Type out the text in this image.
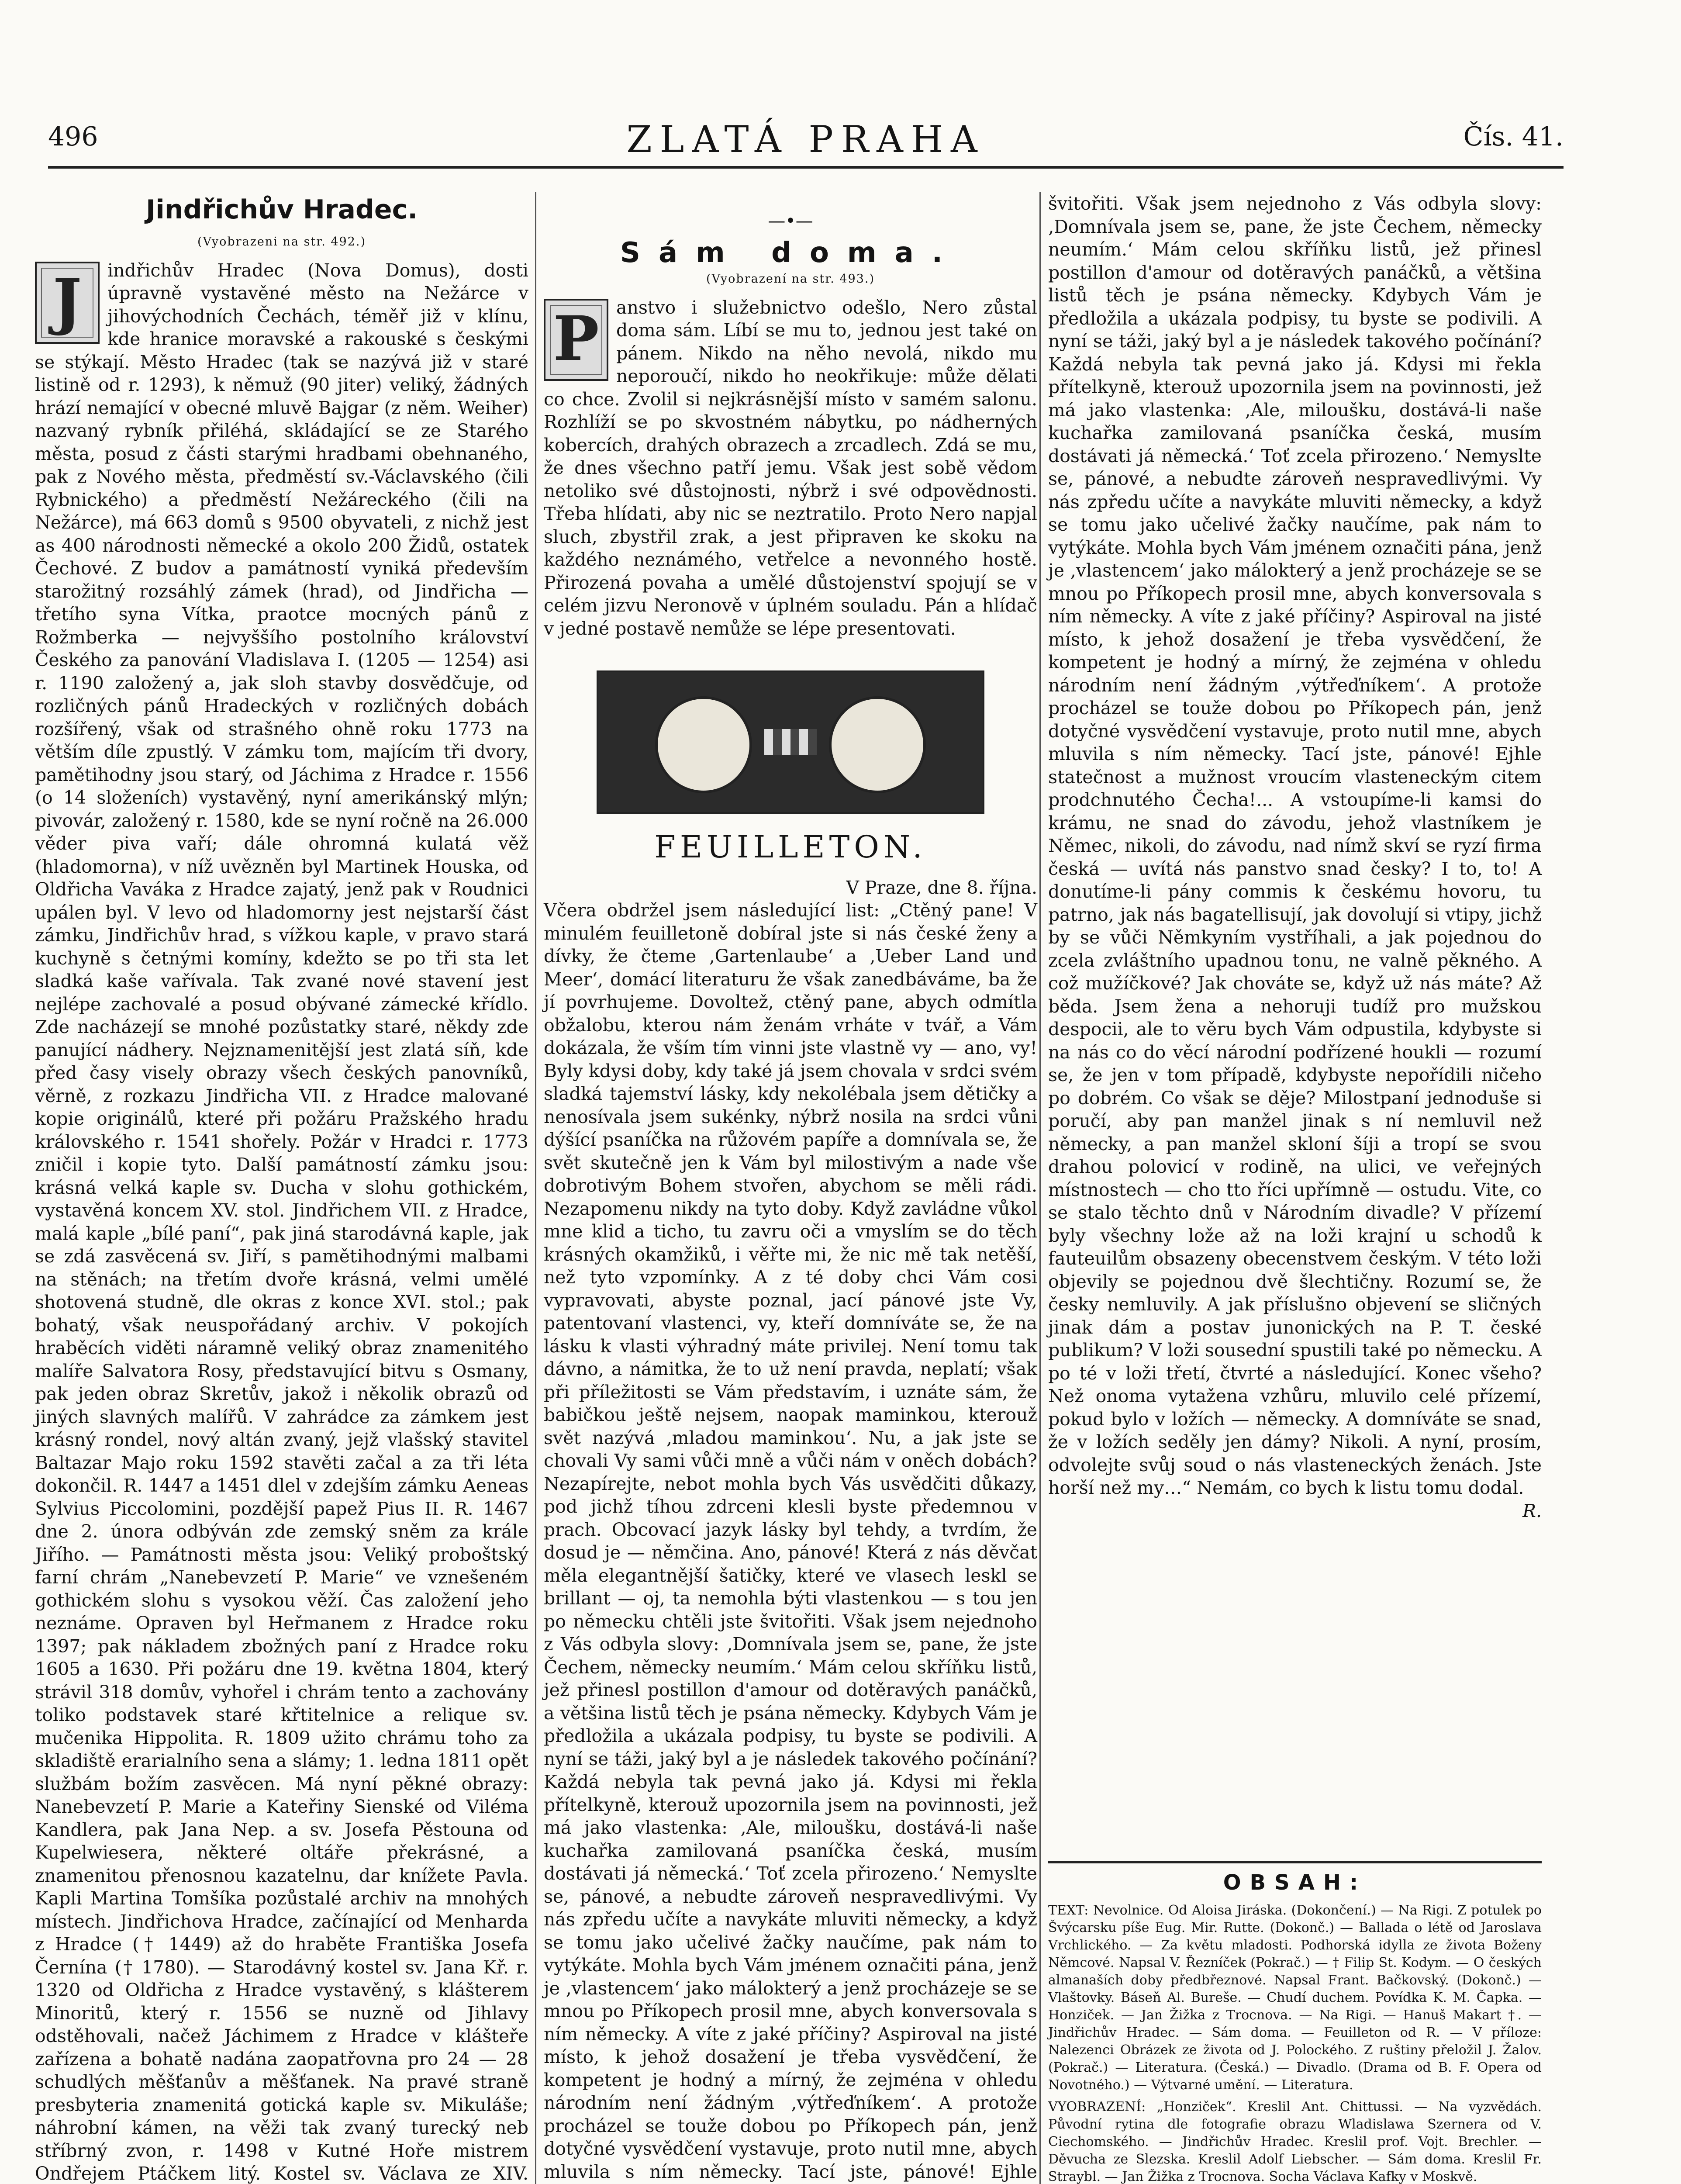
496	ZLATÁ PRAHA	Čís. 41.
Jindřichův Hradec.
(Vyobrazeni na str. 492.)
J	indřichův Hradec (Nova Domus), dosti úpravně vystavěné město na Nežárce v jihovýchodních Čechách, téměř již v klínu, kde hranice moravské a rakouské s českými se stýkají. Město Hradec (tak se nazývá již v staré listině od r. 1293), k němuž (90 jiter) veliký, žádných hrází nemající v obecné mluvě Bajgar (z něm. Weiher) nazvaný rybník přiléhá, skládající se ze Starého města, posud z části starými hradbami obehnaného, pak z Nového města, předměstí sv.-Václavského (čili Rybnického) a předměstí Nežáreckého (čili na Nežárce), má 663 domů s 9500 obyvateli, z nichž jest as 400 národnosti německé a okolo 200 Židů, ostatek Čechové. Z budov a památností vyniká především starožitný rozsáhlý zámek (hrad), od Jindřicha — třetího syna Vítka, praotce mocných pánů z Rožmberka — nejvyššího postolního království Českého za panování Vladislava I. (1205 — 1254) asi r. 1190 založený a, jak sloh stavby dosvědčuje, od rozličných pánů Hradeckých v rozličných dobách rozšířený, však od strašného ohně roku 1773 na větším díle zpustlý. V zámku tom, majícím tři dvory, pamětihodny jsou starý, od Jáchima z Hradce r. 1556 (o 14 složeních) vystavěný, nyní amerikánský mlýn; pivovár, založený r. 1580, kde se nyní ročně na 26.000 věder piva vaří; dále ohromná kulatá věž (hladomorna), v níž uvězněn byl Martinek Houska, od Oldřicha Vaváka z Hradce zajatý, jenž pak v Roudnici upálen byl. V levo od hladomorny jest nejstarší část zámku, Jindřichův hrad, s vížkou kaple, v pravo stará kuchyně s četnými komíny, kdežto se po tři sta let sladká kaše vařívala. Tak zvané nové stavení jest nejlépe zachovalé a posud obývané zámecké křídlo. Zde nacházejí se mnohé pozůstatky staré, někdy zde panující nádhery. Nejznamenitější jest zlatá síň, kde před časy visely obrazy všech českých panovníků, věrně, z rozkazu Jindřicha VII. z Hradce malované kopie originálů, které při požáru Pražského hradu královského r. 1541 shořely. Požár v Hradci r. 1773 zničil i kopie tyto. Další památností zámku jsou: krásná velká kaple sv. Ducha v slohu gothickém, vystavěná koncem XV. stol. Jindřichem VII. z Hradce, malá kaple „bílé paní“, pak jiná starodávná kaple, jak se zdá zasvěcená sv. Jiří, s pamětihodnými malbami na stěnách; na třetím dvoře krásná, velmi umělé shotovená studně, dle okras z konce XVI. stol.; pak bohatý, však neuspořádaný archiv. V pokojích hraběcích viděti náramně veliký obraz znamenitého malíře Salvatora Rosy, představující bitvu s Osmany, pak jeden obraz Skretův, jakož i několik obrazů od jiných slavných malířů. V zahrádce za zámkem jest krásný rondel, nový altán zvaný, jejž vlašský stavitel Baltazar Majo roku 1592 stavěti začal a za tři léta dokončil. R. 1447 a 1451 dlel v zdejším zámku Aeneas Sylvius Piccolomini, pozdější papež Pius II. R. 1467 dne 2. února odbýván zde zemský sněm za krále Jiřího. — Památnosti města jsou: Veliký proboštský farní chrám „Nanebevzetí P. Marie“ ve vznešeném gothickém slohu s vysokou věží. Čas založení jeho neznáme. Opraven byl Heřmanem z Hradce roku 1397; pak nákladem zbožných paní z Hradce roku 1605 a 1630. Při požáru dne 19. května 1804, který strávil 318 domův, vyhořel i chrám tento a zachovány toliko podstavek staré křtitelnice a relique sv. mučenika Hippolita. R. 1809 užito chrámu toho za skladiště erarialního sena a slámy; 1. ledna 1811 opět službám božím zasvěcen. Má nyní pěkné obrazy: Nanebevzetí P. Marie a Kateřiny Sienské od Viléma Kandlera, pak Jana Nep. a sv. Josefa Pěstouna od Kupelwiesera, některé oltáře překrásné, a znamenitou přenosnou kazatelnu, dar knížete Pavla. Kapli Martina Tomšíka pozůstalé archiv na mnohých místech. Jindřichova Hradce, začínající od Menharda z Hradce († 1449) až do hraběte Františka Josefa Černína († 1780). — Starodávný kostel sv. Jana Kř. r. 1320 od Oldřicha z Hradce vystavěný, s klášterem Minoritů, který r. 1556 se nuzně od Jihlavy odstěhovali, načež Jáchimem z Hradce v klášteře zařízena a bohatě nadána zaopatřovna pro 24 — 28 schudlých měšťanův a měšťanek. Na pravé straně presbyteria znamenitá gotická kaple sv. Mikuláše; náhrobní kámen, na věži tak zvaný turecký neb stříbrný zvon, r. 1498 v Kutné Hoře mistrem Ondřejem Ptáčkem litý. Kostel sv. Václava ze XIV.

—•—
Sám doma.
(Vyobrazení na str. 493.)
P anstvo i služebnictvo odešlo, Nero zůstal doma sám. Líbí se mu to, jednou jest také on pánem. Nikdo na něho nevolá, nikdo mu neporoučí, nikdo ho neokřikuje: může dělati co chce. Zvolil si nejkrásnější místo v samém salonu. Rozhlíží se po skvostném nábytku, po nádherných kobercích, drahých obrazech a zrcadlech. Zdá se mu, že dnes všechno patří jemu. Však jest sobě vědom netoliko své důstojnosti, nýbrž i své odpovědnosti. Třeba hlídati, aby nic se neztratilo. Proto Nero napjal sluch, zbystřil zrak, a jest připraven ke skoku na každého neznámého, vetřelce a nevonného hostě. Přirozená povaha a umělé důstojenství spojují se v celém jizvu Neronově v úplném souladu. Pán a hlídač v jedné postavě nemůže se lépe presentovati.

FEUILLETON.
V Praze, dne 8. října.

Včera obdržel jsem následující list: „Ctěný pane! V minulém feuilletoně dobíral jste si nás české ženy a dívky, že čteme ‚Gartenlaube‘ a ‚Ueber Land und Meer‘, domácí literaturu že však zanedbáváme, ba že jí povrhujeme. Dovoltež, ctěný pane, abych odmítla obžalobu, kterou nám ženám vrháte v tvář, a Vám dokázala, že vším tím vinni jste vlastně vy — ano, vy! Byly kdysi doby, kdy také já jsem chovala v srdci svém sladká tajemství lásky, kdy nekolébala jsem dětičky a nenosívala jsem sukénky, nýbrž nosila na srdci vůni dýšící psaníčka na růžovém papíře a domnívala se, že svět skutečně jen k Vám byl milostivým a nade vše dobrotivým Bohem stvořen, abychom se měli rádi. Nezapomenu nikdy na tyto doby. Když zavládne vůkol mne klid a ticho, tu zavru oči a vmyslím se do těch krásných okamžiků, i věřte mi, že nic mě tak netěší, než tyto vzpomínky. A z té doby chci Vám cosi vypravovati, abyste poznal, jací pánové jste Vy, patentovaní vlastenci, vy, kteří domníváte se, že na lásku k vlasti výhradný máte privilej. Není tomu tak dávno, a námitka, že to už není pravda, neplatí; však při příležitosti se Vám představím, i uznáte sám, že babičkou ještě nejsem, naopak maminkou, kterouž svět nazývá ‚mladou maminkou‘. Nu, a jak jste se chovali Vy sami vůči mně a vůči nám v oněch dobách? Nezapírejte, nebot mohla bych Vás usvědčiti důkazy, pod jichž tíhou zdrceni klesli byste předemnou v prach. Obcovací jazyk lásky byl tehdy, a tvrdím, že dosud je — němčina. Ano, pánové! Která z nás děvčat měla elegantnější šatičky, které ve vlasech leskl se brillant — oj, ta nemohla býti vlastenkou — s tou jen po německu chtěli jste švitořiti. Však jsem nejednoho z Vás odbyla slovy: ‚Domnívala jsem se, pane, že jste Čechem, německy neumím.‘ Mám celou skříňku listů, jež přinesl postillon d'amour od dotěravých panáčků, a většina listů těch je psána německy. Kdybych Vám je předložila a ukázala podpisy, tu byste se podivili. A nyní se táži, jaký byl a je následek takového počínání? Každá nebyla tak pevná jako já. Kdysi mi řekla přítelkyně, kterouž upozornila jsem na povinnosti, jež má jako vlastenka: ‚Ale, miloušku, dostává-li naše kuchařka zamilovaná psaníčka česká, musím dostávati já německá.‘ Toť zcela přirozeno.‘ Nemyslte se, pánové, a nebudte zároveň nespravedlivými. Vy nás zpředu učíte a navykáte mluviti německy, a když se tomu jako učelivé žačky naučíme, pak nám to vytýkáte. Mohla bych Vám jménem označiti pána, jenž je ‚vlastencem‘ jako málokterý a jenž procházeje se se mnou po Příkopech prosil mne, abych konversovala s ním německy. A víte z jaké příčiny? Aspiroval na jisté místo, k jehož dosažení je třeba vysvědčení, že kompetent je hodný a mírný, že zejména v ohledu národním není žádným ‚výtřeďníkem‘. A protože procházel se touže dobou po Příkopech pán, jenž dotyčné vysvědčení vystavuje, proto nutil mne, abych mluvila s ním německy. Tací jste, pánové! Ejhle

švitořiti. Však jsem nejednoho z Vás odbyla slovy: ‚Domnívala jsem se, pane, že jste Čechem, německy neumím.‘ Mám celou skříňku listů, jež přinesl postillon d'amour od dotěravých panáčků, a většina listů těch je psána německy. Kdybych Vám je předložila a ukázala podpisy, tu byste se podivili. A nyní se táži, jaký byl a je následek takového počínání? Každá nebyla tak pevná jako já. Kdysi mi řekla přítelkyně, kterouž upozornila jsem na povinnosti, jež má jako vlastenka: ‚Ale, miloušku, dostává-li naše kuchařka zamilovaná psaníčka česká, musím dostávati já německá.‘ Toť zcela přirozeno.‘ Nemyslte se, pánové, a nebudte zároveň nespravedlivými. Vy nás zpředu učíte a navykáte mluviti německy, a když se tomu jako učelivé žačky naučíme, pak nám to vytýkáte. Mohla bych Vám jménem označiti pána, jenž je ‚vlastencem‘ jako málokterý a jenž procházeje se se mnou po Příkopech prosil mne, abych konversovala s ním německy. A víte z jaké příčiny? Aspiroval na jisté místo, k jehož dosažení je třeba vysvědčení, že kompetent je hodný a mírný, že zejména v ohledu národním není žádným ‚výtřeďníkem‘. A protože procházel se touže dobou po Příkopech pán, jenž dotyčné vysvědčení vystavuje, proto nutil mne, abych mluvila s ním německy. Tací jste, pánové! Ejhle statečnost a mužnost vroucím vlasteneckým citem prodchnutého Čecha!... A vstoupíme-li kamsi do krámu, ne snad do závodu, jehož vlastníkem je Němec, nikoli, do závodu, nad nímž skví se ryzí firma česká — uvítá nás panstvo snad česky? I to, to! A donutíme-li pány commis k českému hovoru, tu patrno, jak nás bagatellisují, jak dovolují si vtipy, jichž by se vůči Němkyním vystříhali, a jak pojednou do zcela zvláštního upadnou tonu, ne valně pěkného. A což mužíčkové? Jak chováte se, když už nás máte? Až běda. Jsem žena a nehoruji tudíž pro mužskou despocii, ale to věru bych Vám odpustila, kdybyste si na nás co do věcí národní podřízené houkli — rozumí se, že jen v tom případě, kdybyste nepořídili ničeho po dobrém. Co však se děje? Milostpaní jednoduše si poručí, aby pan manžel jinak s ní nemluvil než německy, a pan manžel skloní šíji a tropí se svou drahou polovicí v rodině, na ulici, ve veřejných místnostech — cho tto říci upřímně — ostudu. Vite, co se stalo těchto dnů v Národním divadle? V přízemí byly všechny lože až na loži krajní u schodů k fauteuilům obsazeny obecenstvem českým. V této loži objevily se pojednou dvě šlechtičny. Rozumí se, že česky nemluvily. A jak příslušno objevení se sličných jinak dám a postav junonických na P. T. české publikum? V loži sousední spustili také po německu. A po té v loži třetí, čtvrté a následující. Konec všeho? Než onoma vytažena vzhůru, mluvilo celé přízemí, pokud bylo v ložích — německy. A domníváte se snad, že v ložích seděly jen dámy? Nikoli. A nyní, prosím, odvolejte svůj soud o nás vlasteneckých ženách. Jste horší než my…“ Nemám, co bych k listu tomu dodal.
R.

OBSAH:

TEXT: Nevolnice. Od Aloisa Jiráska. (Dokončení.) — Na Rigi. Z potulek po Švýcarsku píše Eug. Mir. Rutte. (Dokonč.) — Ballada o létě od Jaroslava Vrchlického. — Za květu mladosti. Podhorská idylla ze života Boženy Němcové. Napsal V. Řezníček (Pokrač.) — † Filip St. Kodym. — O českých almanaších doby předbřeznové. Napsal Frant. Bačkovský. (Dokonč.) — Vlaštovky. Báseň Al. Bureše. — Chudí duchem. Povídka K. M. Čapka. — Honziček. — Jan Žižka z Trocnova. — Na Rigi. — Hanuš Makart †. — Jindřichův Hradec. — Sám doma. — Feuilleton od R. — V příloze: Nalezenci Obrázek ze života od J. Polockého. Z ruštiny přeložil J. Žalov. (Pokrač.) — Literatura. (Česká.) — Divadlo. (Drama od B. F. Opera od Novotného.) — Výtvarné umění. — Literatura.

VYOBRAZENÍ: „Honziček“. Kreslil Ant. Chittussi. — Na vyzvědách. Původní rytina dle fotografie obrazu Wladislawa Szernera od V. Ciechomského. — Jindřichův Hradec. Kreslil prof. Vojt. Brechler. — Děvucha ze Slezska. Kreslil Adolf Liebscher. — Sám doma. Kreslil Fr. Straybl. — Jan Žižka z Trocnova. Socha Václava Kafky v Moskvě.
